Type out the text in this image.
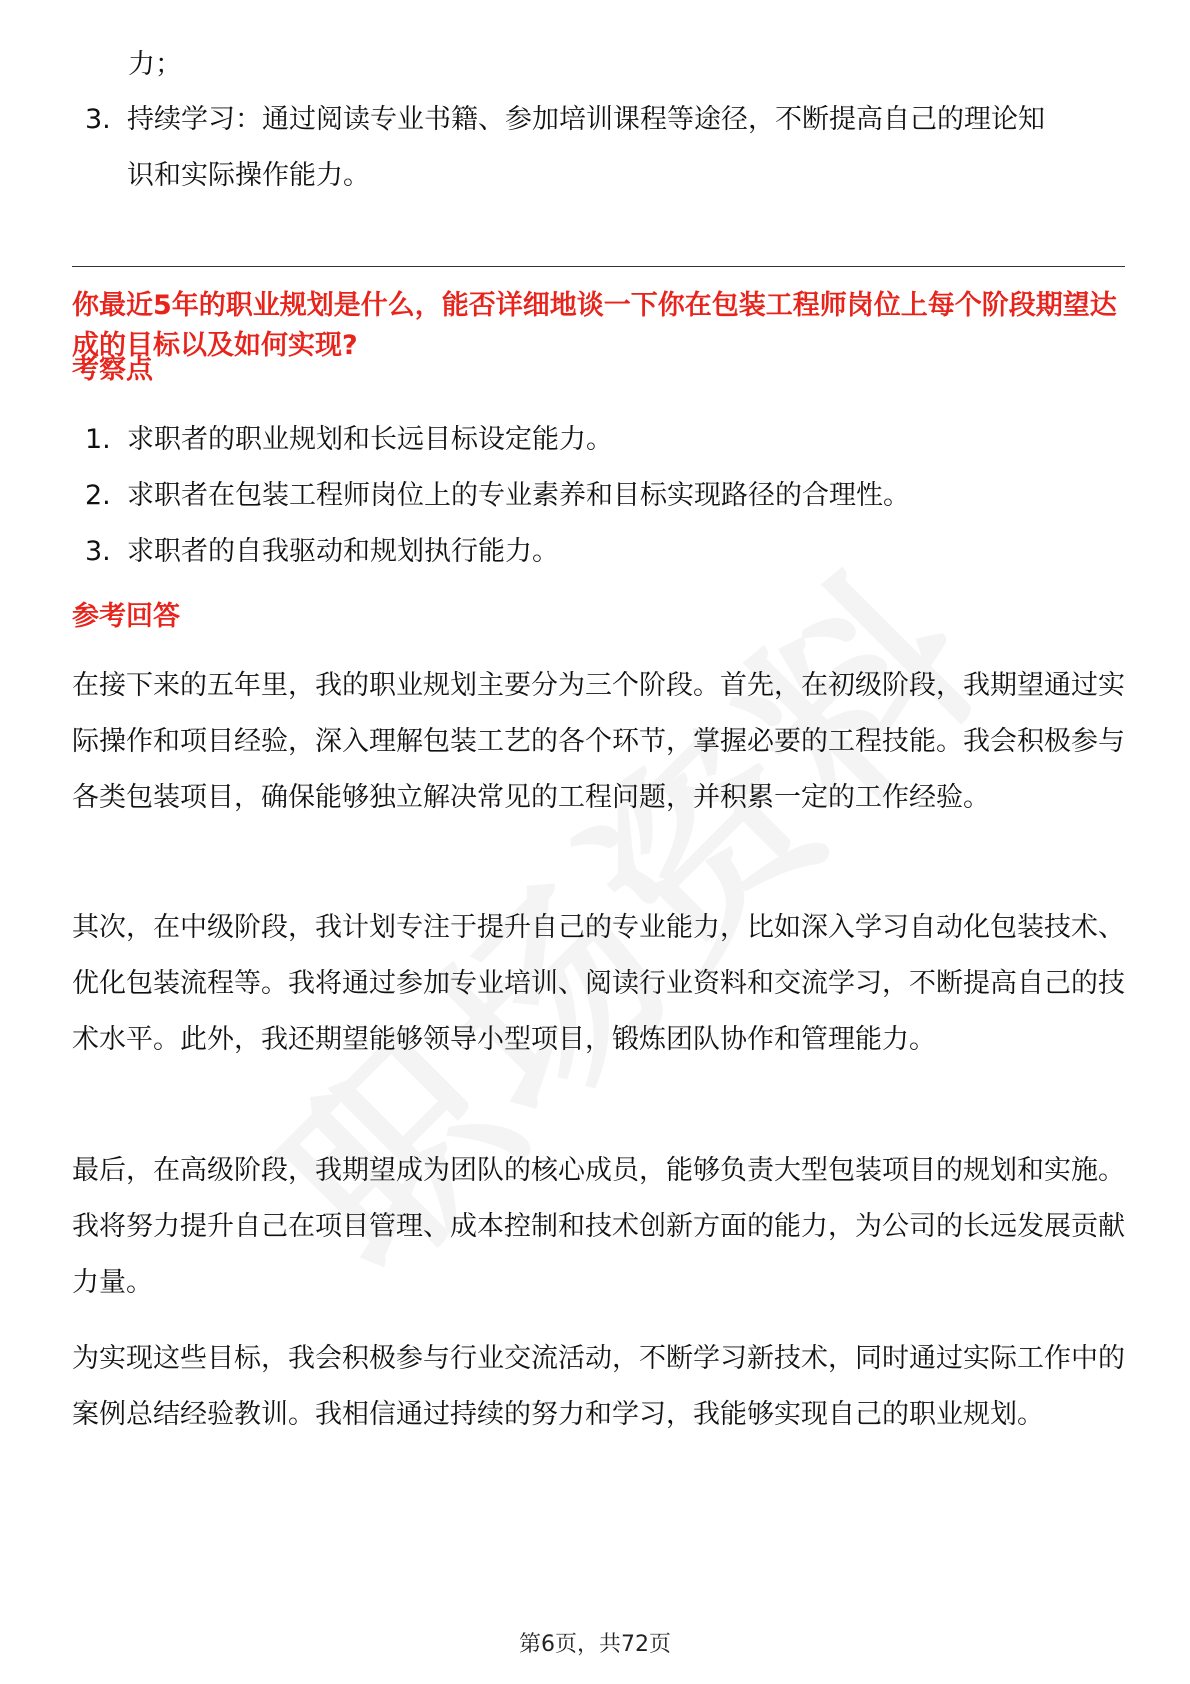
力；
3. 持续学习：通过阅读专业书籍、参加培训课程等途径，不断提高自己的理论知
识和实际操作能力。
你最近5年的职业规划是什么，能否详细地谈一下你在包装工程师岗位上每个阶段期望达成的目标以及如何实现?
考察点
1. 求职者的职业规划和长远目标设定能力。
2. 求职者在包装工程师岗位上的专业素养和目标实现路径的合理性。
3. 求职者的自我驱动和规划执行能力。
参考回答

在接下来的五年里，我的职业规划主要分为三个阶段。首先，在初级阶段，我期望通过实际操作和项目经验，深入理解包装工艺的各个环节，掌握必要的工程技能。我会积极参与各类包装项目，确保能够独立解决常见的工程问题，并积累一定的工作经验。

其次，在中级阶段，我计划专注于提升自己的专业能力，比如深入学习自动化包装技术、优化包装流程等。我将通过参加专业培训、阅读行业资料和交流学习，不断提高自己的技术水平。此外，我还期望能够领导小型项目，锻炼团队协作和管理能力。

最后，在高级阶段，我期望成为团队的核心成员，能够负责大型包装项目的规划和实施。我将努力提升自己在项目管理、成本控制和技术创新方面的能力，为公司的长远发展贡献力量。

为实现这些目标，我会积极参与行业交流活动，不断学习新技术，同时通过实际工作中的案例总结经验教训。我相信通过持续的努力和学习，我能够实现自己的职业规划。

第6页，共72页
